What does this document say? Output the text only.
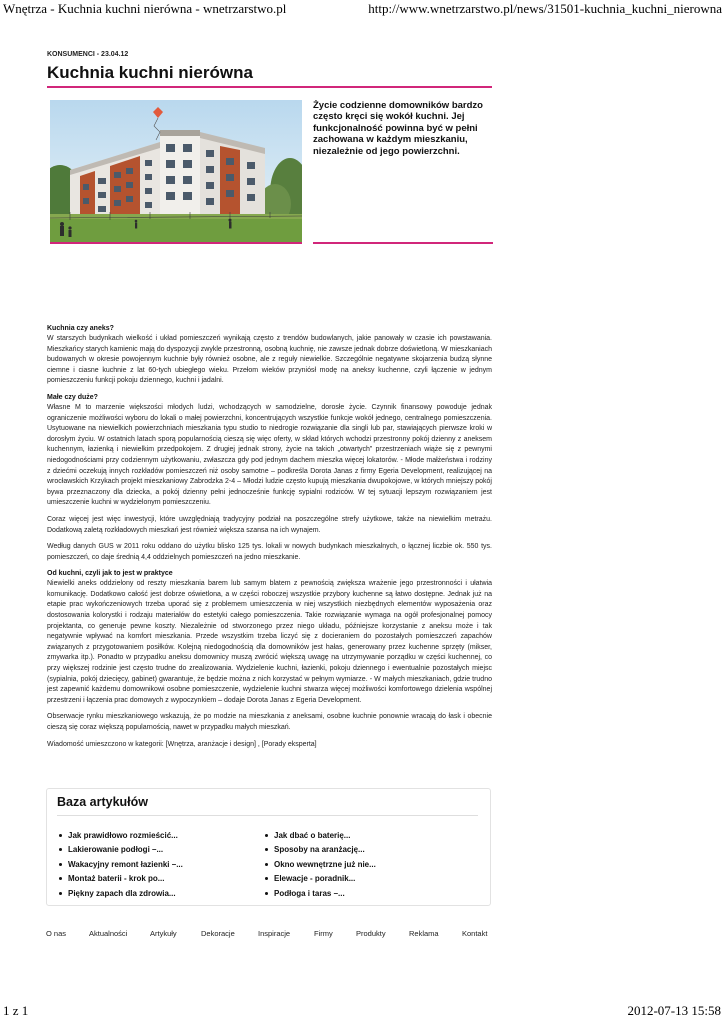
Wnętrza - Kuchnia kuchni nierówna - wnetrzarstwo.pl	http://www.wnetrzarstwo.pl/news/31501-kuchnia_kuchni_nierowna

KONSUMENCI - 23.04.12

Kuchnia kuchni nierówna

Życie codzienne domowników bardzo często kręci się wokół kuchni. Jej funkcjonalność powinna być w pełni zachowana w każdym mieszkaniu, niezależnie od jego powierzchni.

Kuchnia czy aneks?

W starszych budynkach wielkość i układ pomieszczeń wynikają często z trendów budowlanych, jakie panowały w czasie ich powstawania. Mieszkańcy starych kamienic mają do dyspozycji zwykle przestronną, osobną kuchnię, nie zawsze jednak dobrze doświetloną. W mieszkaniach budowanych w okresie powojennym kuchnie były również osobne, ale z reguły niewielkie. Szczególnie negatywne skojarzenia budzą słynne ciemne i ciasne kuchnie z lat 60-tych ubiegłego wieku. Przełom wieków przyniósł modę na aneksy kuchenne, czyli łączenie w jednym pomieszczeniu funkcji pokoju dziennego, kuchni i jadalni.

Małe czy duże?

Własne M to marzenie większości młodych ludzi, wchodzących w samodzielne, dorosłe życie. Czynnik finansowy powoduje jednak ograniczenie możliwości wyboru do lokali o małej powierzchni, koncentrujących wszystkie funkcje wokół jednego, centralnego pomieszczenia. Usytuowane na niewielkich powierzchniach mieszkania typu studio to niedrogie rozwiązanie dla singli lub par, stawiających pierwsze kroki w dorosłym życiu. W ostatnich latach sporą popularnością cieszą się więc oferty, w skład których wchodzi przestronny pokój dzienny z aneksem kuchennym, łazienką i niewielkim przedpokojem. Z drugiej jednak strony, życie na takich „otwartych” przestrzeniach wiąże się z pewnymi niedogodnościami przy codziennym użytkowaniu, zwłaszcza gdy pod jednym dachem mieszka więcej lokatorów. - Młode małżeństwa i rodziny z dziećmi oczekują innych rozkładów pomieszczeń niż osoby samotne – podkreśla Dorota Janas z firmy Egeria Development, realizującej na wrocławskich Krzykach projekt mieszkaniowy Zabrodzka 2-4 – Młodzi ludzie często kupują mieszkania dwupokojowe, w których mniejszy pokój bywa przeznaczony dla dziecka, a pokój dzienny pełni jednocześnie funkcję sypialni rodziców. W tej sytuacji lepszym rozwiązaniem jest umieszczenie kuchni w wydzielonym pomieszczeniu.

Coraz więcej jest więc inwestycji, które uwzględniają tradycyjny podział na poszczególne strefy użytkowe, także na niewielkim metrażu. Dodatkową zaletą rozkładowych mieszkań jest również większa szansa na ich wynajem.

Według danych GUS w 2011 roku oddano do użytku blisko 125 tys. lokali w nowych budynkach mieszkalnych, o łącznej liczbie ok. 550 tys. pomieszczeń, co daje średnią 4,4 oddzielnych pomieszczeń na jedno mieszkanie.

Od kuchni, czyli jak to jest w praktyce

Niewielki aneks oddzielony od reszty mieszkania barem lub samym blatem z pewnością zwiększa wrażenie jego przestronności i ułatwia komunikację. Dodatkowo całość jest dobrze oświetlona, a w części roboczej wszystkie przybory kuchenne są łatwo dostępne. Jednak już na etapie prac wykończeniowych trzeba uporać się z problemem umieszczenia w niej wszystkich niezbędnych elementów wyposażenia oraz dostosowania kolorystki i rodzaju materiałów do estetyki całego pomieszczenia. Takie rozwiązanie wymaga na ogół profesjonalnej pomocy projektanta, co generuje pewne koszty. Niezależnie od stworzonego przez niego układu, późniejsze korzystanie z aneksu może i tak negatywnie wpływać na komfort mieszkania. Przede wszystkim trzeba liczyć się z docieraniem do pozostałych pomieszczeń zapachów związanych z przygotowaniem posiłków. Kolejną niedogodnością dla domowników jest hałas, generowany przez kuchenne sprzęty (mikser, zmywarka itp.). Ponadto w przypadku aneksu domownicy muszą zwrócić większą uwagę na utrzymywanie porządku w części kuchennej, co przy większej rodzinie jest często trudne do zrealizowania. Wydzielenie kuchni, łazienki, pokoju dziennego i ewentualnie pozostałych miejsc (sypialnia, pokój dziecięcy, gabinet) gwarantuje, że będzie można z nich korzystać w pełnym wymiarze. - W małych mieszkaniach, gdzie trudno jest zapewnić każdemu domownikowi osobne pomieszczenie, wydzielenie kuchni stwarza więcej możliwości komfortowego dzielenia wspólnej przestrzeni i łączenia prac domowych z wypoczynkiem – dodaje Dorota Janas z Egeria Development.

Obserwacje rynku mieszkaniowego wskazują, że po modzie na mieszkania z aneksami, osobne kuchnie ponownie wracają do łask i obecnie cieszą się coraz większą popularnością, nawet w przypadku małych mieszkań.

Wiadomość umieszczono w kategorii: [Wnętrza, aranżacje i design] , [Porady eksperta]

Baza artykułów
Jak prawidłowo rozmieścić...
Lakierowanie podłogi –...
Wakacyjny remont łazienki –...
Montaż baterii - krok po...
Piękny zapach dla zdrowia...
Jak dbać o baterię...
Sposoby na aranżację...
Okno wewnętrzne już nie...
Elewacje - poradnik...
Podłoga i taras –...
O nas	Aktualności	Artykuły	Dekoracje	Inspiracje	Firmy	Produkty	Reklama	Kontakt
1 z 1	2012-07-13 15:58
